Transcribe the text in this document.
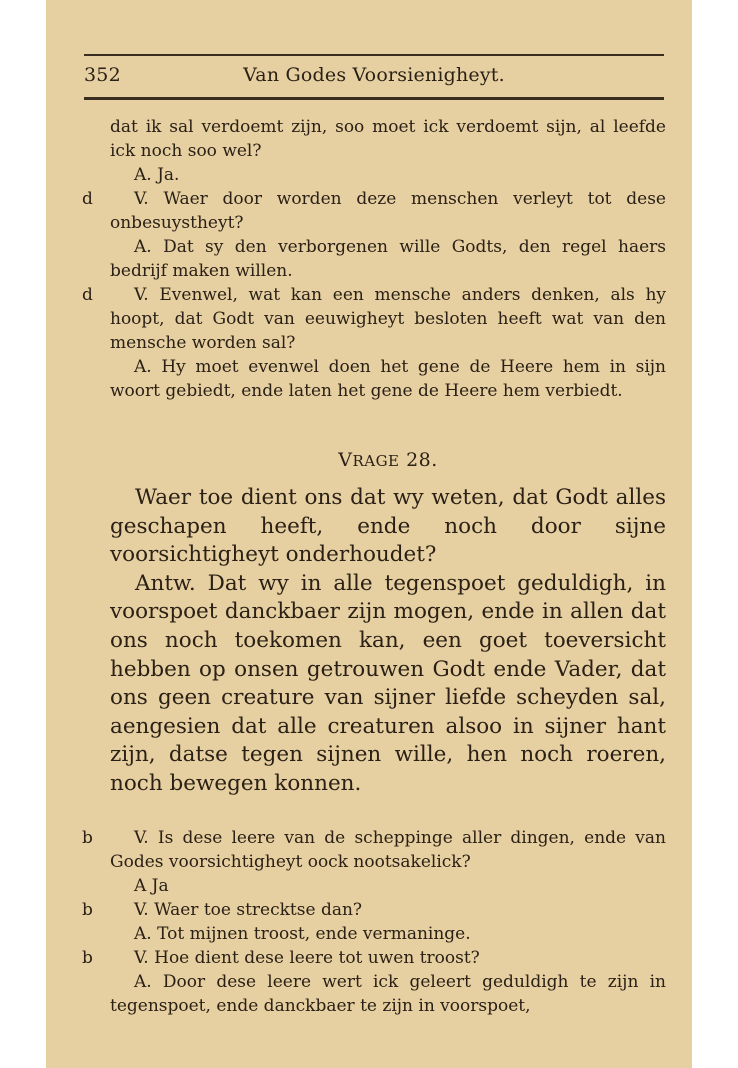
352	Van Godes Voorsienigheyt.

dat ik sal verdoemt zijn, soo moet ick verdoemt sijn, al leefde ick noch soo wel?

A. Ja.

V. Waer door worden deze menschen verleyt tot dese onbesuystheyt?

A. Dat sy den verborgenen wille Godts, den regel haers bedrijf maken willen.

V. Evenwel, wat kan een mensche anders denken, als hy hoopt, dat Godt van eeuwigheyt besloten heeft wat van den mensche worden sal?

A. Hy moet evenwel doen het gene de Heere hem in sijn woort gebiedt, ende laten het gene de Heere hem verbiedt.

d
d
VRAGE 28.

Waer toe dient ons dat wy weten, dat Godt alles geschapen heeft, ende noch door sijne voorsichtigheyt onderhoudet?

Antw. Dat wy in alle tegenspoet geduldigh, in voorspoet danckbaer zijn mogen, ende in allen dat ons noch toekomen kan, een goet toeversicht hebben op onsen getrouwen Godt ende Vader, dat ons geen creature van sijner liefde scheyden sal, aengesien dat alle creaturen alsoo in sijner hant zijn, datse tegen sijnen wille, hen noch roeren, noch bewegen konnen.

V. Is dese leere van de scheppinge aller dingen, ende van Godes voorsichtigheyt oock nootsakelick?

A Ja

V. Waer toe strecktse dan?

A. Tot mijnen troost, ende vermaninge.

V. Hoe dient dese leere tot uwen troost?

A. Door dese leere wert ick geleert geduldigh te zijn in tegenspoet, ende danckbaer te zijn in voorspoet,

b
b
b
